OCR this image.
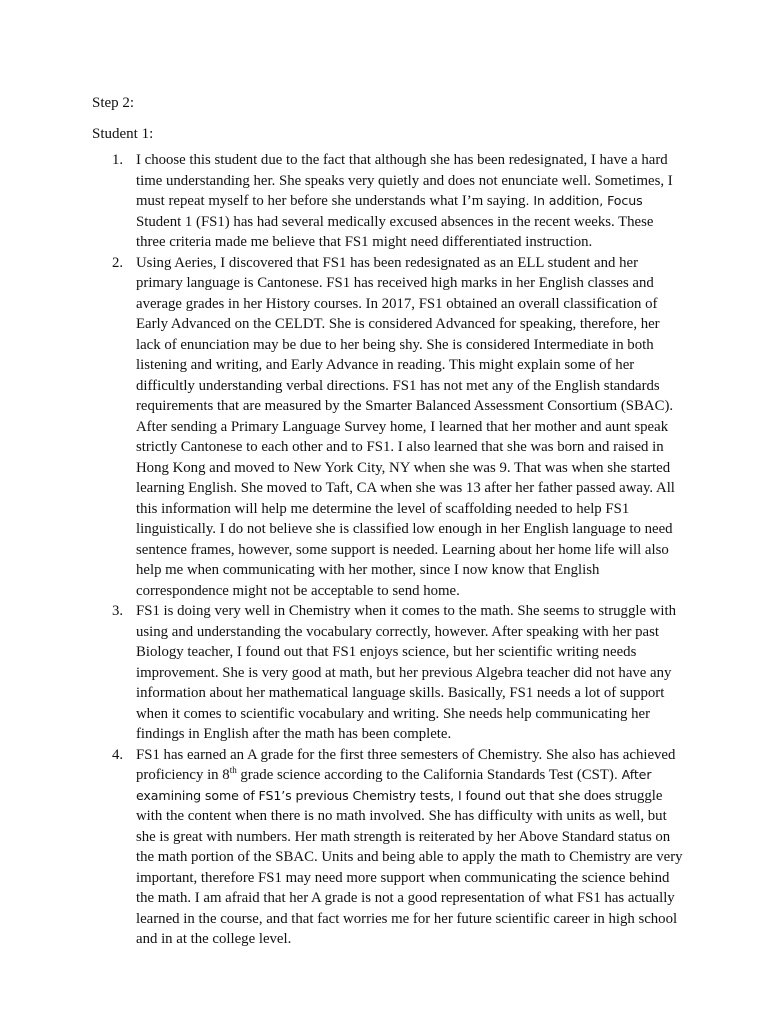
Step 2:

Student 1:

1. I choose this student due to the fact that although she has been redesignated, I have a hard time understanding her. She speaks very quietly and does not enunciate well. Sometimes, I must repeat myself to her before she understands what I’m saying. In addition, Focus Student 1 (FS1) has had several medically excused absences in the recent weeks. These three criteria made me believe that FS1 might need differentiated instruction.
2. Using Aeries, I discovered that FS1 has been redesignated as an ELL student and her primary language is Cantonese. FS1 has received high marks in her English classes and average grades in her History courses. In 2017, FS1 obtained an overall classification of Early Advanced on the CELDT. She is considered Advanced for speaking, therefore, her lack of enunciation may be due to her being shy. She is considered Intermediate in both listening and writing, and Early Advance in reading. This might explain some of her difficultly understanding verbal directions. FS1 has not met any of the English standards requirements that are measured by the Smarter Balanced Assessment Consortium (SBAC). After sending a Primary Language Survey home, I learned that her mother and aunt speak strictly Cantonese to each other and to FS1. I also learned that she was born and raised in Hong Kong and moved to New York City, NY when she was 9. That was when she started learning English. She moved to Taft, CA when she was 13 after her father passed away. All this information will help me determine the level of scaffolding needed to help FS1 linguistically. I do not believe she is classified low enough in her English language to need sentence frames, however, some support is needed. Learning about her home life will also help me when communicating with her mother, since I now know that English correspondence might not be acceptable to send home.
3. FS1 is doing very well in Chemistry when it comes to the math. She seems to struggle with using and understanding the vocabulary correctly, however. After speaking with her past Biology teacher, I found out that FS1 enjoys science, but her scientific writing needs improvement. She is very good at math, but her previous Algebra teacher did not have any information about her mathematical language skills. Basically, FS1 needs a lot of support when it comes to scientific vocabulary and writing. She needs help communicating her findings in English after the math has been complete.
4. FS1 has earned an A grade for the first three semesters of Chemistry. She also has achieved proficiency in 8th grade science according to the California Standards Test (CST). After examining some of FS1’s previous Chemistry tests, I found out that she does struggle with the content when there is no math involved. She has difficulty with units as well, but she is great with numbers. Her math strength is reiterated by her Above Standard status on the math portion of the SBAC. Units and being able to apply the math to Chemistry are very important, therefore FS1 may need more support when communicating the science behind the math. I am afraid that her A grade is not a good representation of what FS1 has actually learned in the course, and that fact worries me for her future scientific career in high school and in at the college level.
